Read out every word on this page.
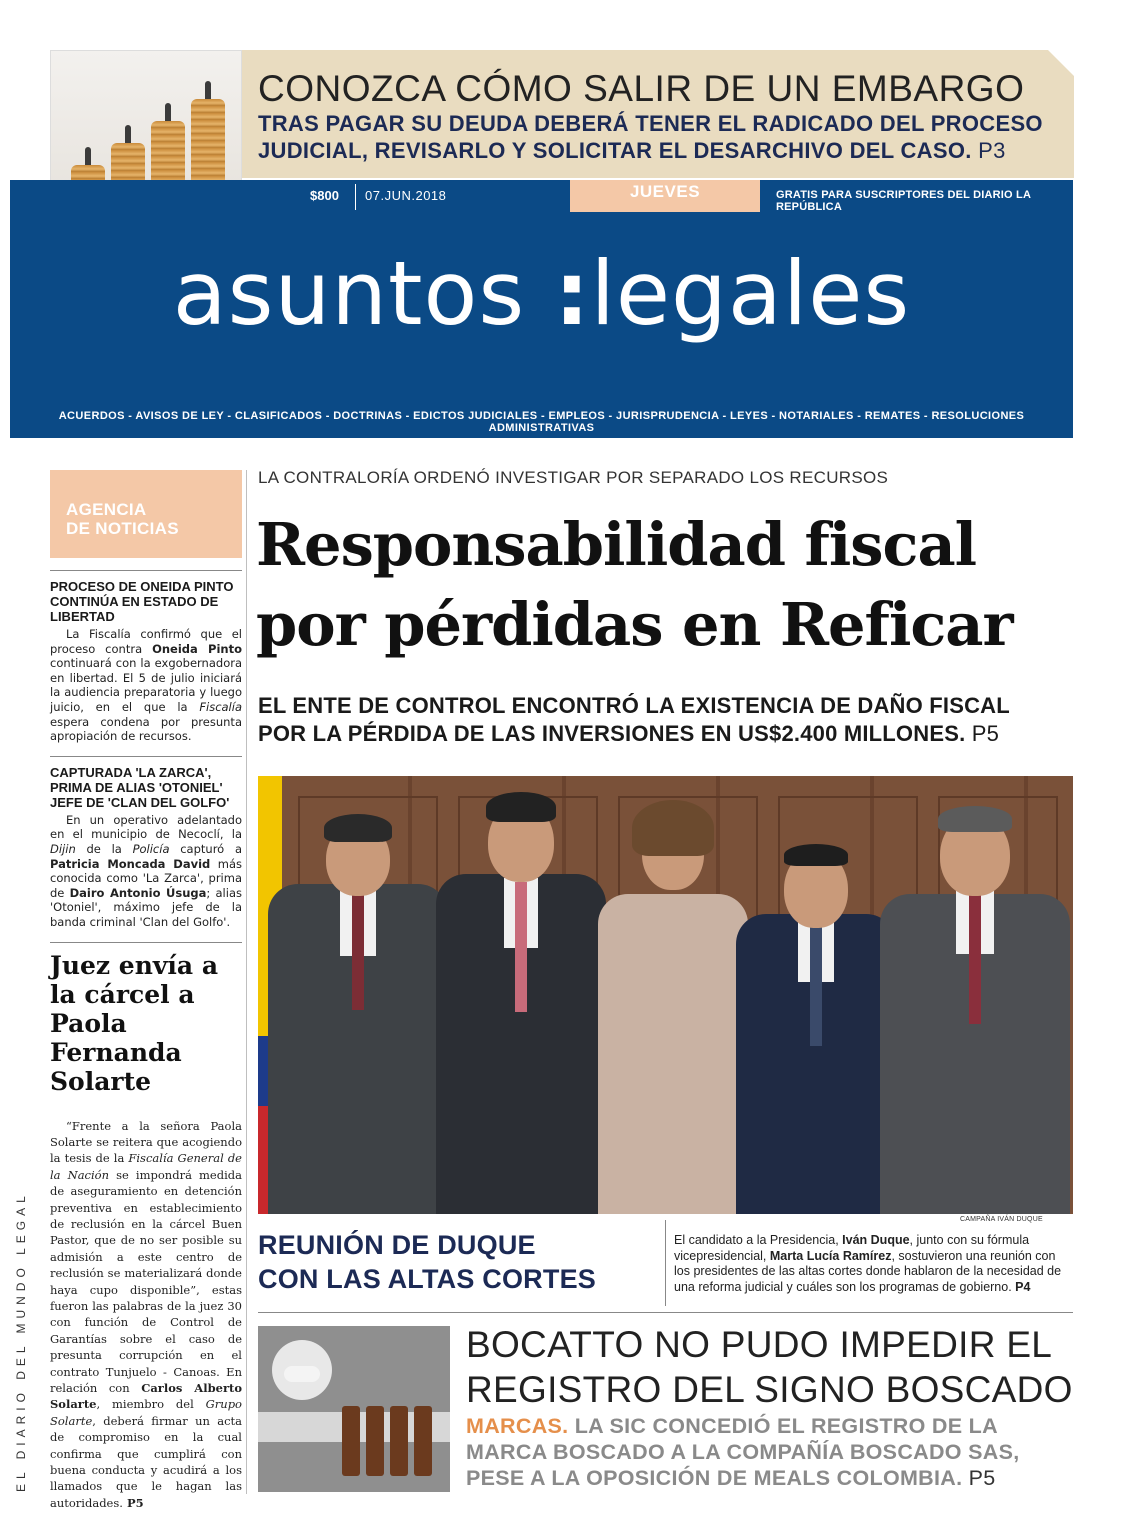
CONOZCA CÓMO SALIR DE UN EMBARGO
TRAS PAGAR SU DEUDA DEBERÁ TENER EL RADICADO DEL PROCESO JUDICIAL, REVISARLO Y SOLICITAR EL DESARCHIVO DEL CASO. P3
$800 07.JUN.2018	JUEVES	GRATIS PARA SUSCRIPTORES DEL DIARIO LA REPÚBLICA
asuntos :legales
ACUERDOS - AVISOS DE LEY - CLASIFICADOS - DOCTRINAS - EDICTOS JUDICIALES - EMPLEOS - JURISPRUDENCIA - LEYES - NOTARIALES - REMATES - RESOLUCIONES ADMINISTRATIVAS
AGENCIA
DE NOTICIAS
PROCESO DE ONEIDA PINTO CONTINÚA EN ESTADO DE LIBERTAD
La Fiscalía confirmó que el proceso contra Oneida Pinto continuará con la exgobernadora en libertad. El 5 de julio iniciará la audiencia preparatoria y luego juicio, en el que la Fiscalía espera condena por presunta apropiación de recursos.
CAPTURADA 'LA ZARCA', PRIMA DE ALIAS 'OTONIEL' JEFE DE 'CLAN DEL GOLFO'
En un operativo adelantado en el municipio de Necoclí, la Dijin de la Policía capturó a Patricia Moncada David más conocida como 'La Zarca', prima de Dairo Antonio Úsuga; alias 'Otoniel', máximo jefe de la banda criminal 'Clan del Golfo'.
Juez envía a la cárcel a Paola Fernanda Solarte
“Frente a la señora Paola Solarte se reitera que acogiendo la tesis de la Fiscalía General de la Nación se impondrá medida de aseguramiento en detención preventiva en establecimiento de reclusión en la cárcel Buen Pastor, que de no ser posible su admisión a este centro de reclusión se materializará donde haya cupo disponible”, estas fueron las palabras de la juez 30 con función de Control de Garantías sobre el caso de presunta corrupción en el contrato Tunjuelo - Canoas. En relación con Carlos Alberto Solarte, miembro del Grupo Solarte, deberá firmar un acta de compromiso en la cual confirma que cumplirá con buena conducta y acudirá a los llamados que le hagan las autoridades. P5
EL DIARIO DEL MUNDO LEGAL
LA CONTRALORÍA ORDENÓ INVESTIGAR POR SEPARADO LOS RECURSOS
Responsabilidad fiscal
por pérdidas en Reficar
EL ENTE DE CONTROL ENCONTRÓ LA EXISTENCIA DE DAÑO FISCAL
POR LA PÉRDIDA DE LAS INVERSIONES EN US$2.400 MILLONES. P5
CAMPAÑA IVÁN DUQUE
REUNIÓN DE DUQUE
CON LAS ALTAS CORTES
El candidato a la Presidencia, Iván Duque, junto con su fórmula vicepresidencial, Marta Lucía Ramírez, sostuvieron una reunión con los presidentes de las altas cortes donde hablaron de la necesidad de una reforma judicial y cuáles son los programas de gobierno. P4
BOCATTO NO PUDO IMPEDIR EL
REGISTRO DEL SIGNO BOSCADO
MARCAS. LA SIC CONCEDIÓ EL REGISTRO DE LA MARCA BOSCADO A LA COMPAÑÍA BOSCADO SAS, PESE A LA OPOSICIÓN DE MEALS COLOMBIA. P5
